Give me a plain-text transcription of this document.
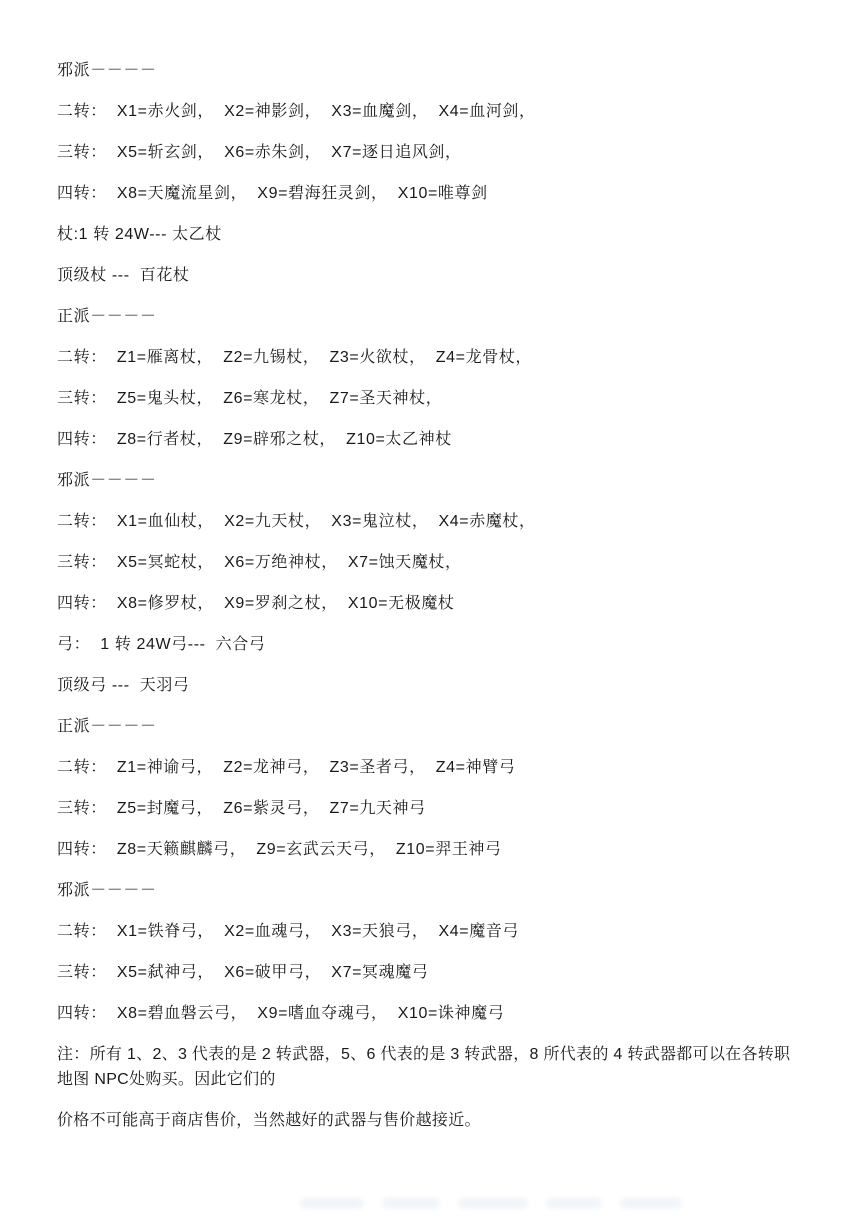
邪派－－－－

二转：  X1=赤火剑，  X2=神影剑，  X3=血魔剑，  X4=血河剑，

三转：  X5=斩玄剑，  X6=赤朱剑，  X7=逐日追风剑，

四转：  X8=天魔流星剑，  X9=碧海狂灵剑，  X10=唯尊剑

杖:1 转 24W--- 太乙杖

顶级杖 ---  百花杖

正派－－－－

二转：  Z1=雁离杖，  Z2=九锡杖，  Z3=火欲杖，  Z4=龙骨杖，

三转：  Z5=鬼头杖，  Z6=寒龙杖，  Z7=圣天神杖，

四转：  Z8=行者杖，  Z9=辟邪之杖，  Z10=太乙神杖

邪派－－－－

二转：  X1=血仙杖，  X2=九天杖，  X3=鬼泣杖，  X4=赤魔杖，

三转：  X5=冥蛇杖，  X6=万绝神杖，  X7=蚀天魔杖，

四转：  X8=修罗杖，  X9=罗刹之杖，  X10=无极魔杖

弓：  1 转 24W弓---  六合弓

顶级弓 ---  天羽弓

正派－－－－

二转：  Z1=神谕弓，  Z2=龙神弓，  Z3=圣者弓，  Z4=神臂弓

三转：  Z5=封魔弓，  Z6=紫灵弓，  Z7=九天神弓

四转：  Z8=天籁麒麟弓，  Z9=玄武云天弓，  Z10=羿王神弓

邪派－－－－

二转：  X1=铁脊弓，  X2=血魂弓，  X3=天狼弓，  X4=魔音弓

三转：  X5=弑神弓，  X6=破甲弓，  X7=冥魂魔弓

四转：  X8=碧血磐云弓，  X9=嗜血夺魂弓，  X10=诛神魔弓

注：所有 1、2、3 代表的是 2 转武器，5、6 代表的是 3 转武器，8 所代表的 4 转武器都可以在各转职地图 NPC处购买。因此它们的

价格不可能高于商店售价，当然越好的武器与售价越接近。
